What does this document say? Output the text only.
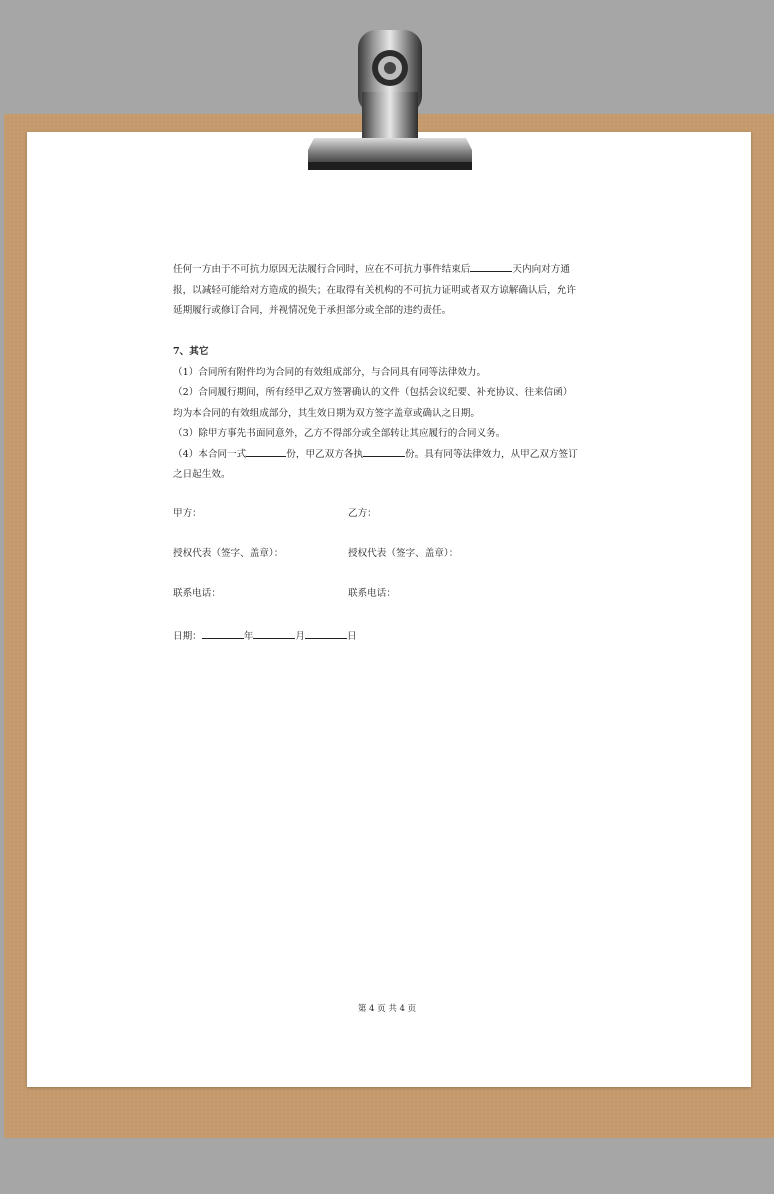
任何一方由于不可抗力原因无法履行合同时，应在不可抗力事件结束后	天内向对方通

报，以减轻可能给对方造成的损失；在取得有关机构的不可抗力证明或者双方谅解确认后，允许

延期履行或修订合同，并视情况免于承担部分或全部的违约责任。

7、其它

（1）合同所有附件均为合同的有效组成部分，与合同具有同等法律效力。

（2）合同履行期间，所有经甲乙双方签署确认的文件（包括会议纪要、补充协议、往来信函）

均为本合同的有效组成部分，其生效日期为双方签字盖章或确认之日期。

（3）除甲方事先书面同意外，乙方不得部分或全部转让其应履行的合同义务。

（4）本合同一式	份，甲乙双方各执	份。具有同等法律效力，从甲乙双方签订

之日起生效。

甲方：	乙方：
授权代表（签字、盖章）：	授权代表（签字、盖章）：
联系电话：	联系电话：
日期：	年	月	日
第 4 页 共 4 页
